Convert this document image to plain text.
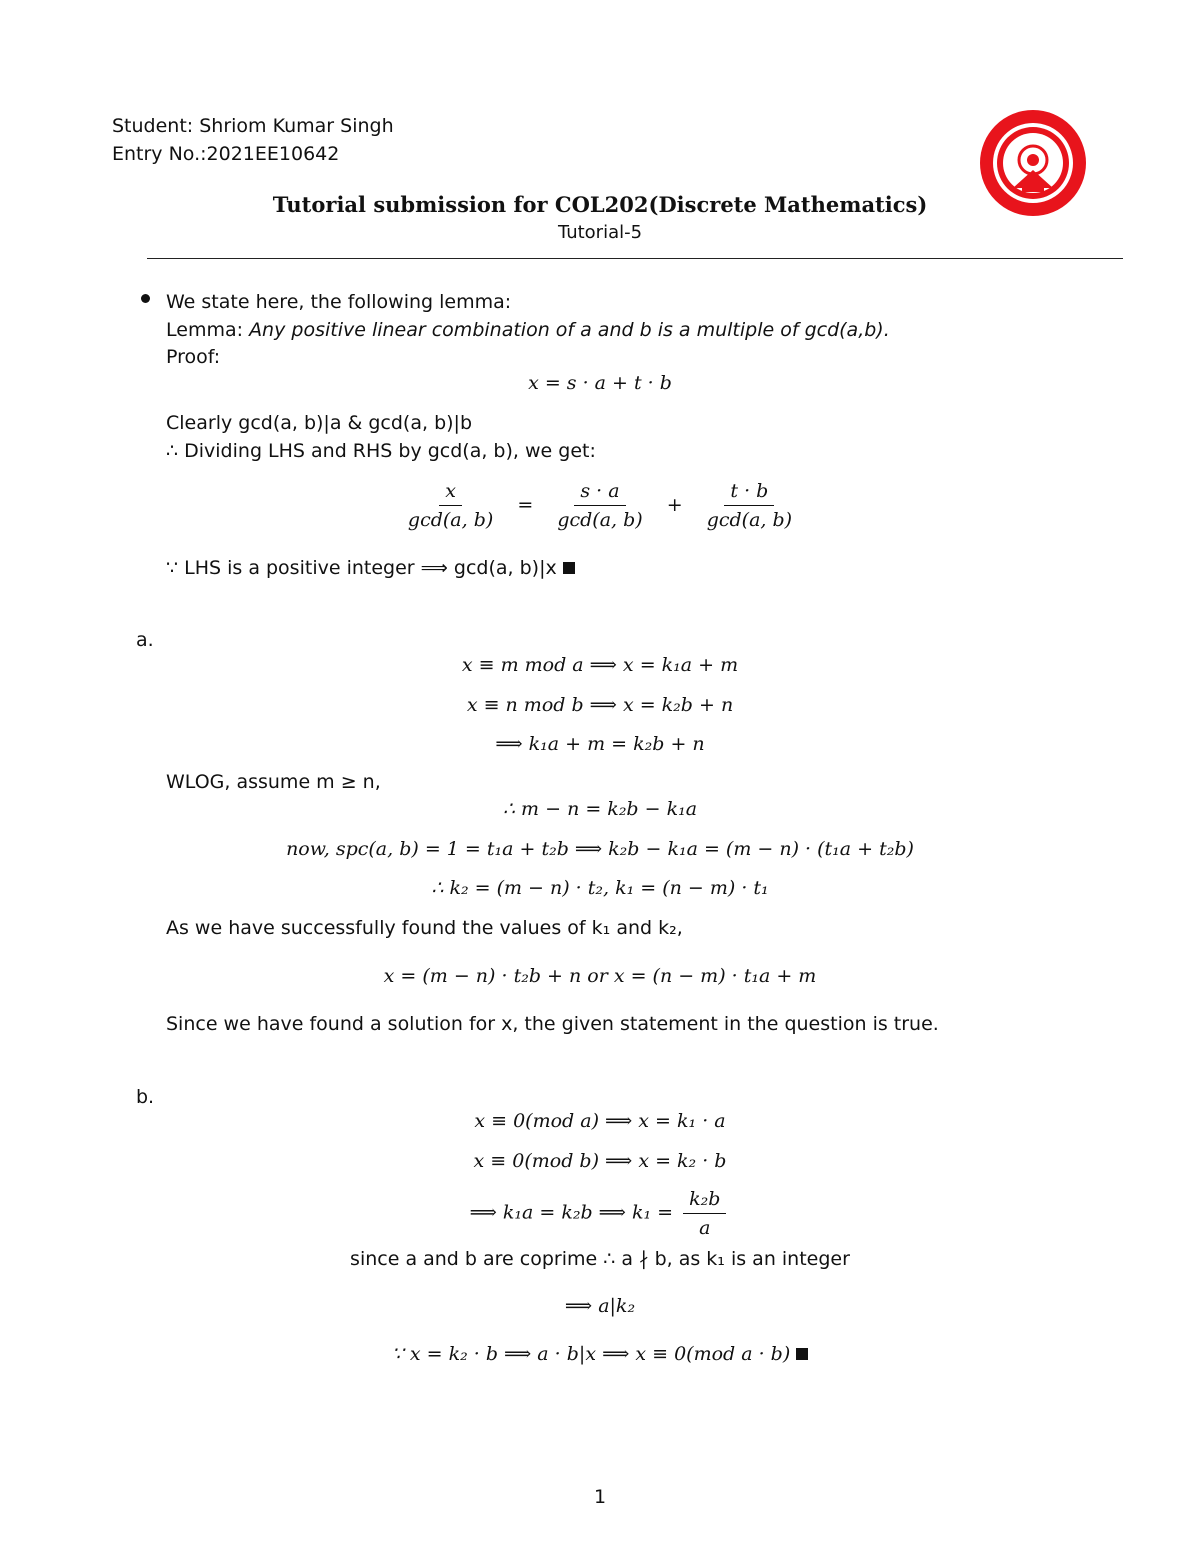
Student: Shriom Kumar Singh
Entry No.:2021EE10642
Tutorial submission for COL202(Discrete Mathematics)
Tutorial-5
We state here, the following lemma:
Lemma: Any positive linear combination of a and b is a multiple of gcd(a,b).
Proof:
x = s · a + t · b
Clearly gcd(a, b)|a & gcd(a, b)|b
∴ Dividing LHS and RHS by gcd(a, b), we get:
$\frac{x}{\gcd(a, b)} = \frac{s \cdot a}{\gcd(a, b)} + \frac{t \cdot b}{\gcd(a, b)}$
∵ LHS is a positive integer ⟹ gcd(a, b)|x
a.
x ≡ m mod a ⟹ x = k₁a + m
x ≡ n mod b ⟹ x = k₂b + n
⟹ k₁a + m = k₂b + n
WLOG, assume m ≥ n,
∴ m − n = k₂b − k₁a
now, spc(a, b) = 1 = t₁a + t₂b ⟹ k₂b − k₁a = (m − n) · (t₁a + t₂b)
∴ k₂ = (m − n) · t₂, k₁ = (n − m) · t₁
As we have successfully found the values of k₁ and k₂,
x = (m − n) · t₂b + n or x = (n − m) · t₁a + m
Since we have found a solution for x, the given statement in the question is true.
b.
x ≡ 0(mod a) ⟹ x = k₁ · a
x ≡ 0(mod b) ⟹ x = k₂ · b
⟹ k₁a = k₂b ⟹ $k_1 = \frac{\text{k₂b}}{a}$
since a and b are coprime ∴ a ∤ b, as k₁ is an integer
⟹ a|k₂
∵ x = k₂ · b ⟹ a · b|x ⟹ x ≡ 0(mod a · b)
1
